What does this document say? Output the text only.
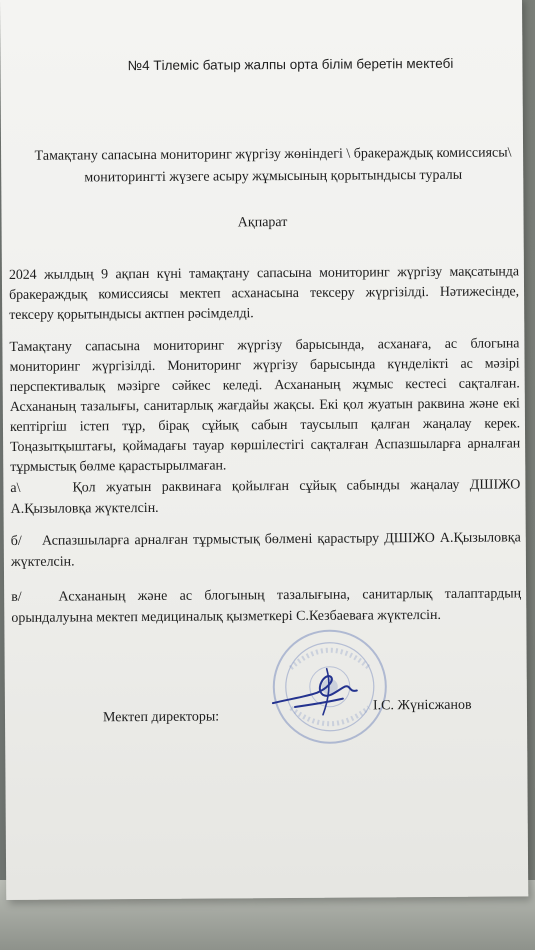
№4 Тілеміс батыр жалпы орта білім беретін мектебі
Тамақтану сапасына мониторинг жүргізу жөніндегі \ бракераждық комиссиясы\ мониторингті жүзеге асыру жұмысының қорытындысы туралы
Ақпарат
2024 жылдың 9 ақпан күні тамақтану сапасына мониторинг жүргізу мақсатында бракераждық комиссиясы мектеп асханасына тексеру жүргізілді. Нәтижесінде, тексеру қорытындысы актпен рәсімделді.
Тамақтану сапасына мониторинг жүргізу барысында, асханаға, ас блогына мониторинг жүргізілді. Мониторинг жүргізу барысында күнделікті ас мәзірі перспективалық мәзірге сәйкес келеді. Асхананың жұмыс кестесі сақталған. Асхананың тазалығы, санитарлық жағдайы жақсы. Екі қол жуатын раквина және екі кептіргіш істеп тұр, бірақ сұйық сабын таусылып қалған жаңалау керек. Тоңазытқыштағы, қоймадағы тауар көршілестігі сақталған Аспазшыларға арналған тұрмыстық бөлме қарастырылмаған.
а\	Қол жуатын раквинаға қойылған сұйық сабынды жаңалау ДШІЖО А.Қызыловқа жүктелсін.
б/ Аспазшыларға арналған тұрмыстық бөлмені қарастыру ДШІЖО А.Қызыловқа жүктелсін.
в/	Асхананың және ас блогының тазалығына, санитарлық талаптардың орындалуына мектеп медициналық қызметкері С.Кезбаеваға жүктелсін.
Мектеп директоры:
І.С. Жүнісжанов
